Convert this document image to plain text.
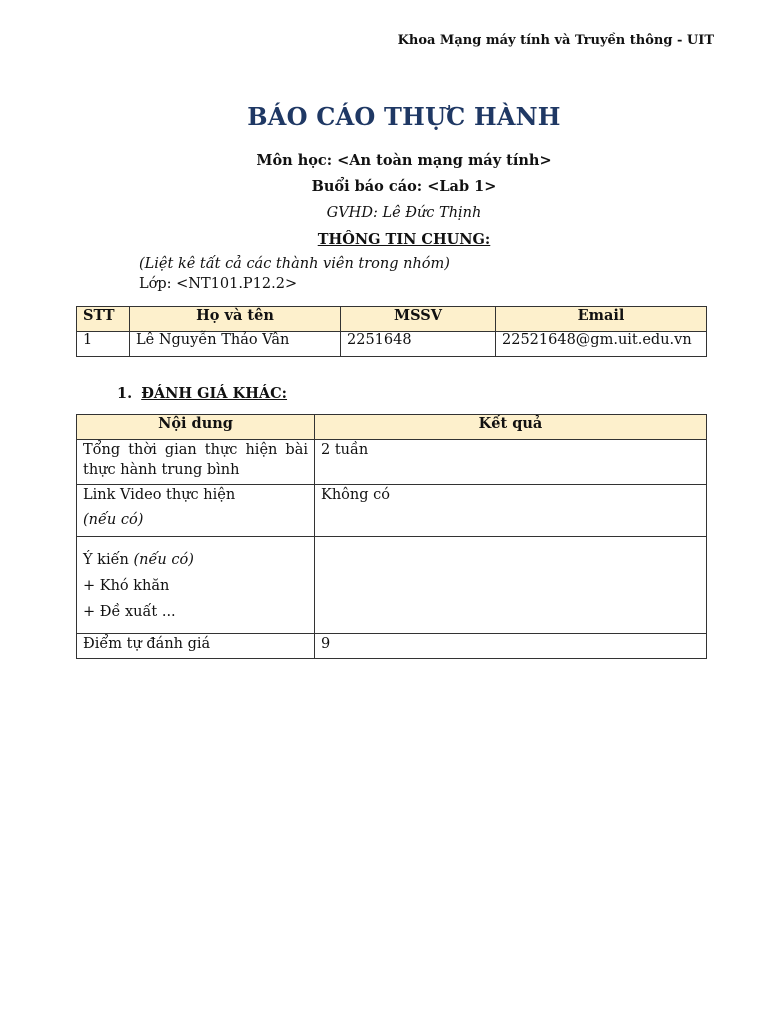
Khoa Mạng máy tính và Truyền thông - UIT
BÁO CÁO THỰC HÀNH
Môn học: <An toàn mạng máy tính>
Buổi báo cáo: <Lab 1>
GVHD: Lê Đức Thịnh
THÔNG TIN CHUNG:
(Liệt kê tất cả các thành viên trong nhóm)
Lớp: <NT101.P12.2>
STT	Họ và tên	MSSV	Email
1	Lê Nguyễn Thảo Vân	2251648	22521648@gm.uit.edu.vn
1. ĐÁNH GIÁ KHÁC:
Nội dung	Kết quả
Tổng thời gian thực hiện bài thực hành trung bình	2 tuần

Link Video thực hiện
(nếu có)	Không có

Ý kiến (nếu có)
+ Khó khăn
+ Đề xuất ...	

Điểm tự đánh giá	9
